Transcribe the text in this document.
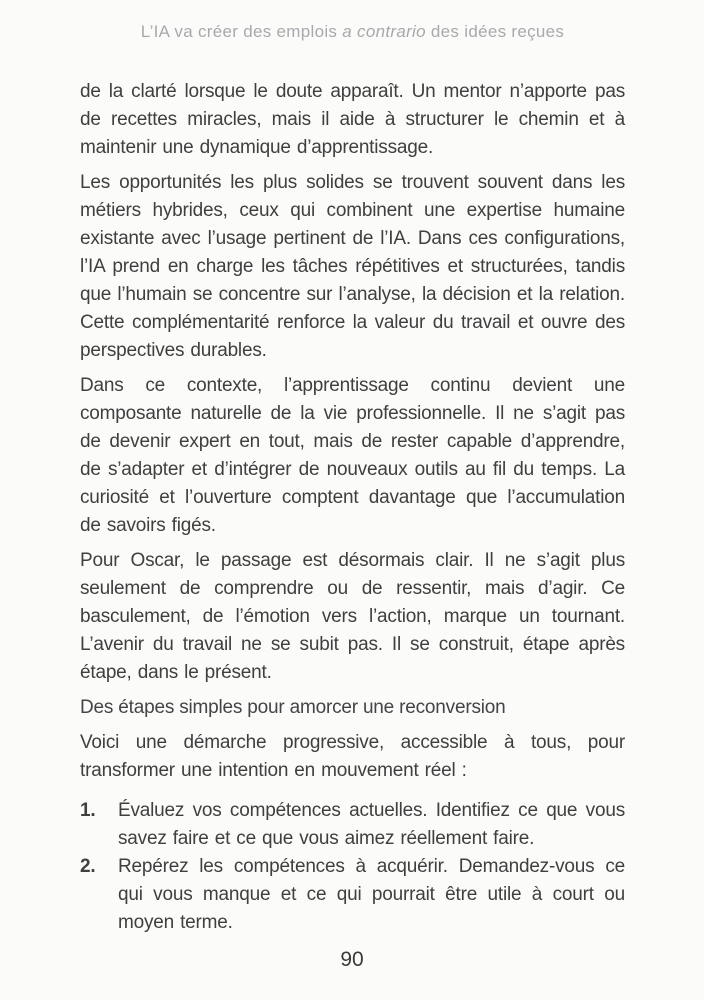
L’IA va créer des emplois a contrario des idées reçues

de la clarté lorsque le doute apparaît. Un mentor n’apporte pas de recettes miracles, mais il aide à structurer le chemin et à maintenir une dynamique d’apprentissage.

Les opportunités les plus solides se trouvent souvent dans les métiers hybrides, ceux qui combinent une expertise humaine existante avec l’usage pertinent de l’IA. Dans ces configurations, l’IA prend en charge les tâches répétitives et structurées, tandis que l’humain se concentre sur l’analyse, la décision et la relation. Cette complémentarité renforce la valeur du travail et ouvre des perspectives durables.

Dans ce contexte, l’apprentissage continu devient une composante naturelle de la vie professionnelle. Il ne s’agit pas de devenir expert en tout, mais de rester capable d’apprendre, de s’adapter et d’intégrer de nouveaux outils au fil du temps. La curiosité et l’ouverture comptent davantage que l’accumulation de savoirs figés.

Pour Oscar, le passage est désormais clair. Il ne s’agit plus seulement de comprendre ou de ressentir, mais d’agir. Ce basculement, de l’émotion vers l’action, marque un tournant. L’avenir du travail ne se subit pas. Il se construit, étape après étape, dans le présent.

Des étapes simples pour amorcer une reconversion

Voici une démarche progressive, accessible à tous, pour transformer une intention en mouvement réel :

1. Évaluez vos compétences actuelles. Identifiez ce que vous savez faire et ce que vous aimez réellement faire.
2. Repérez les compétences à acquérir. Demandez-vous ce qui vous manque et ce qui pourrait être utile à court ou moyen terme.
90
